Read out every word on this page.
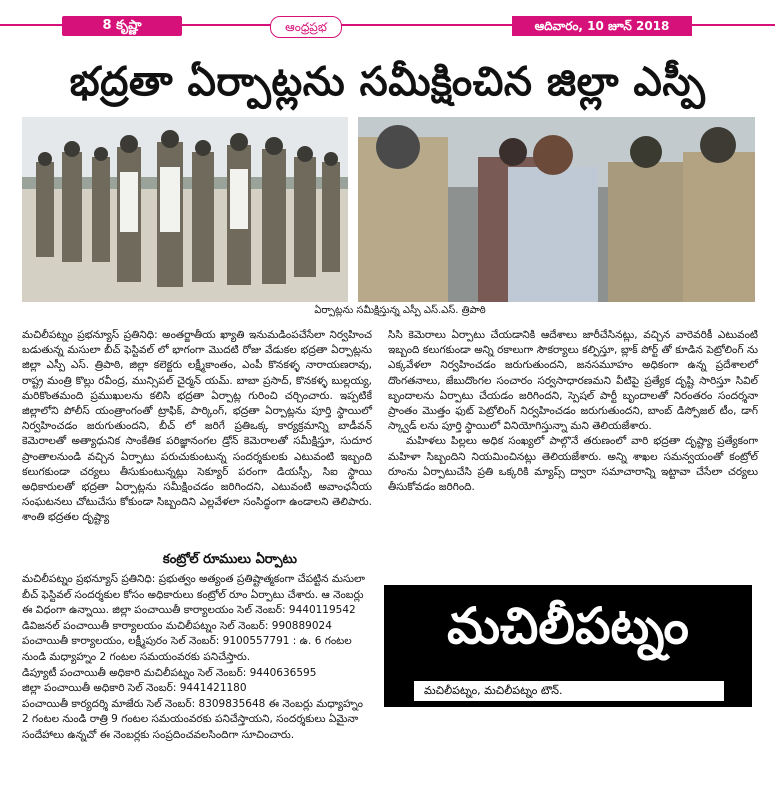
8 కృష్ణా	ఆంధ్రప్రభ	ఆదివారం, 10 జూన్ 2018
భద్రతా ఏర్పాట్లను సమీక్షించిన జిల్లా ఎస్పీ
ఏర్పాట్లను సమీక్షిస్తున్న ఎస్పీ ఎస్.ఎస్. త్రిపాఠి
మచిలీపట్నం ప్రభన్యూస్ ప్రతినిధి: అంతర్జాతీయ ఖ్యాతి ఇనుమడింపచేసేలా నిర్వహించ బడుతున్న మసులా బీచ్ ఫెస్టివల్ లో భాగంగా మొదటి రోజు వేడుకల భద్రతా ఏర్పాట్లను జిల్లా ఎస్పీ ఎస్. త్రిపాఠి, జిల్లా కలెక్టరు లక్ష్మీకాంతం, ఎంపీ కొనకళ్ళ నారాయణరావు, రాష్ట్ర మంత్రి కొల్లు రవీంద్ర, మున్సిపల్ చైర్మన్ యమ్. బాబా ప్రసాద్, కొనకళ్ళ బుల్లయ్య, మరికొంతమంది ప్రముఖులను కలిసి భద్రతా ఏర్పాట్ల గురించి చర్చించారు. ఇప్పటికే జిల్లాలోని పోలీస్ యంత్రాంగంతో ట్రాఫిక్, పార్కింగ్, భద్రతా ఏర్పాట్లను పూర్తి స్థాయిలో నిర్వహించడం జరుగుతుందని, బీచ్ లో జరిగే ప్రతిఒక్క కార్యక్రమాన్ని బాడీవన్ కెమెరాలతో అత్యాధునిక సాంకేతిక పరిజ్ఞానంగల డ్రోన్ కెమెరాలతో సమీక్షిస్తూ, సుదూర ప్రాంతాలనుండి వచ్చిన ఏర్పాటు పరుచుకుంటున్న సందర్శకులకు ఎటువంటి ఇబ్బంది కలుగకుండా చర్యలు తీసుకుంటున్నట్లు సెక్యూర్ పరంగా డియస్పీ, సిఐ స్థాయి అధికారులతో భద్రతా ఏర్పాట్లను సమీక్షించడం జరిగిందని, ఎటువంటి అవాంఛనీయ సంఘటనలు చోటుచేసు కోకుండా సిబ్బందిని ఎల్లవేళలా సంసిద్ధంగా ఉండాలని తెలిపారు. శాంతి భద్రతల దృష్ట్యా
సిసి కెమెరాలు ఏర్పాటు చేయడానికి ఆదేశాలు జారీచేసినట్లు, వచ్చిన వారెవరికీ ఎటువంటి ఇబ్బంది కలుగకుండా అన్ని రకాలుగా సౌకర్యాలు కల్పిస్తూ, బ్లాక్ పోర్ట్ తో కూడిన పెట్రోలింగ్ ను ఎక్కవేళలా నిర్వహించడం జరుగుతుందని, జనసమూహం అధికంగా ఉన్న ప్రదేశాలలో దొంగతనాలు, జేబుదొంగల సంచారం సర్వసాధారణమని వీటిపై ప్రత్యేక దృష్టి సారిస్తూ సివిల్ బృందాలను ఏర్పాటు చేయడం జరిగిందని, స్పెషల్ పార్టీ బృందాలతో నిరంతరం సందర్శనా ప్రాంతం మొత్తం ఫుట్ పెట్రోలింగ్ నిర్వహించడం జరుగుతుందని, బాంబ్ డిస్పోజల్ టీం, డాగ్ స్క్వాడ్ లను పూర్తి స్థాయిలో వినియోగిస్తున్నా మని తెలియజేశారు.
మహిళలు పిల్లలు అధిక సంఖ్యలో పాల్గొనే తరుణంలో వారి భద్రతా దృష్ట్యా ప్రత్యేకంగా మహిళా సిబ్బందిని నియమించినట్లు తెలియజేశారు. అన్ని శాఖల సమన్వయంతో కంట్రోల్ రూంను ఏర్పాటుచేసి ప్రతి ఒక్కరికి మ్యాప్స్ ద్వారా సమాచారాన్ని ఇట్టావా చేసేలా చర్యలు తీసుకోవడం జరిగింది.
కంట్రోల్ రూములు ఏర్పాటు
మచిలీపట్నం ప్రభన్యూస్ ప్రతినిధి: ప్రభుత్వం అత్యంత ప్రతిష్టాత్మకంగా చేపట్టిన మసులా
బీచ్ ఫెస్టివల్ సందర్శకుల కోసం అధికారులు కంట్రోల్ రూం ఏర్పాటు చేశారు. ఆ నెంబర్లు
ఈ విధంగా ఉన్నాయి. జిల్లా పంచాయితీ కార్యాలయం సెల్ నెంబర్: 9440119542
డివిజనల్ పంచాయితీ కార్యాలయం మచిలీపట్నం సెల్ నెంబర్: 990889024
పంచాయితీ కార్యాలయం, లక్ష్మీపురం సెల్ నెంబర్: 9100557791 : ఉ. 6 గంటల
నుండి మధ్యాహ్నం 2 గంటల సమయంవరకు పనిచేస్తారు.
డిప్యూటీ పంచాయితీ అధికారి మచిలీపట్నం సెల్ నెంబర్: 9440636595
జిల్లా పంచాయితీ అధికారి సెల్ నెంబర్: 9441421180
పంచాయితీ కార్యదర్శి మాజేరు సెల్ నెంబర్: 8309835648 ఈ నెంబర్లు మధ్యాహ్నం
2 గంటల నుండి రాత్రి 9 గంటల సమయంవరకు పనిచేస్తాయని, సందర్శకులు ఏమైనా
సందేహాలు ఉన్నచో ఈ నెంబర్లకు సంప్రదించవలసిందిగా సూచించారు.
మచిలీపట్నం
మచిలీపట్నం, మచిలీపట్నం టౌన్.
